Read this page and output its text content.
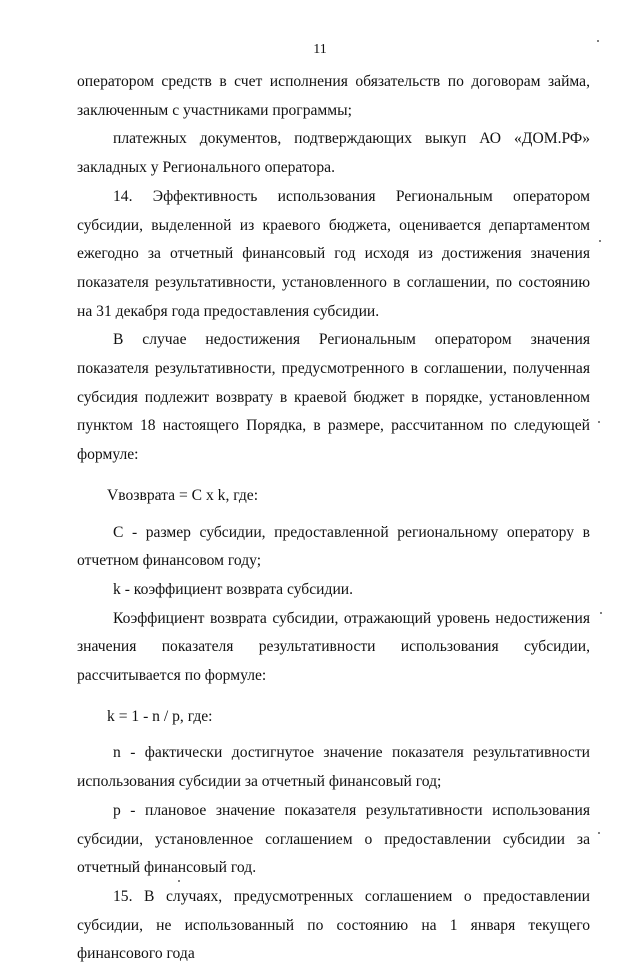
11

оператором средств в счет исполнения обязательств по договорам займа, заключенным с участниками программы;

платежных документов, подтверждающих выкуп АО «ДОМ.РФ» закладных у Регионального оператора.

14. Эффективность использования Региональным оператором субсидии, выделенной из краевого бюджета, оценивается департаментом ежегодно за отчетный финансовый год исходя из достижения значения показателя результативности, установленного в соглашении, по состоянию на 31 декабря года предоставления субсидии.

В случае недостижения Региональным оператором значения показателя результативности, предусмотренного в соглашении, полученная субсидия подлежит возврату в краевой бюджет в порядке, установленном пунктом 18 настоящего Порядка, в размере, рассчитанном по следующей формуле:

Vвозврата = С x k, где:

С - размер субсидии, предоставленной региональному оператору в отчетном финансовом году;

k - коэффициент возврата субсидии.

Коэффициент возврата субсидии, отражающий уровень недостижения значения показателя результативности использования субсидии, рассчитывается по формуле:

k = 1 - n / p, где:

n - фактически достигнутое значение показателя результативности использования субсидии за отчетный финансовый год;

p - плановое значение показателя результативности использования субсидии, установленное соглашением о предоставлении субсидии за отчетный финансовый год.

15. В случаях, предусмотренных соглашением о предоставлении субсидии, не использованный по состоянию на 1 января текущего финансового года
